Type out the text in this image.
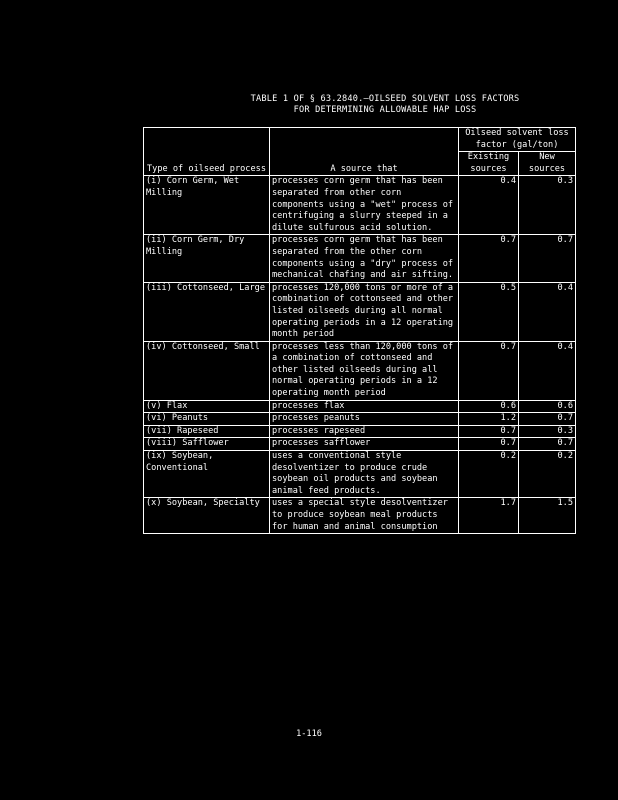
TABLE 1 OF § 63.2840.—OILSEED SOLVENT LOSS FACTORS
FOR DETERMINING ALLOWABLE HAP LOSS
Type of oilseed process	A source that	Oilseed solvent loss factor (gal/ton)	
		Existing sources	New sources
(i) Corn Germ, Wet Milling	processes corn germ that has been separated from other corn components using a "wet" process of centrifuging a slurry steeped in a dilute sulfurous acid solution.	0.4	0.3
(ii) Corn Germ, Dry Milling	processes corn germ that has been separated from the other corn components using a "dry" process of mechanical chafing and air sifting.	0.7	0.7
(iii) Cottonseed, Large	processes 120,000 tons or more of a combination of cottonseed and other listed oilseeds during all normal operating periods in a 12 operating month period	0.5	0.4
(iv) Cottonseed, Small	processes less than 120,000 tons of a combination of cottonseed and other listed oilseeds during all normal operating periods in a 12 operating month period	0.7	0.4
(v) Flax	processes flax	0.6	0.6
(vi) Peanuts	processes peanuts	1.2	0.7
(vii) Rapeseed	processes rapeseed	0.7	0.3
(viii) Safflower	processes safflower	0.7	0.7
(ix) Soybean, Conventional	uses a conventional style desolventizer to produce crude soybean oil products and soybean animal feed products.	0.2	0.2
(x) Soybean, Specialty	uses a special style desolventizer to produce soybean meal products for human and animal consumption	1.7	1.5
1-116
